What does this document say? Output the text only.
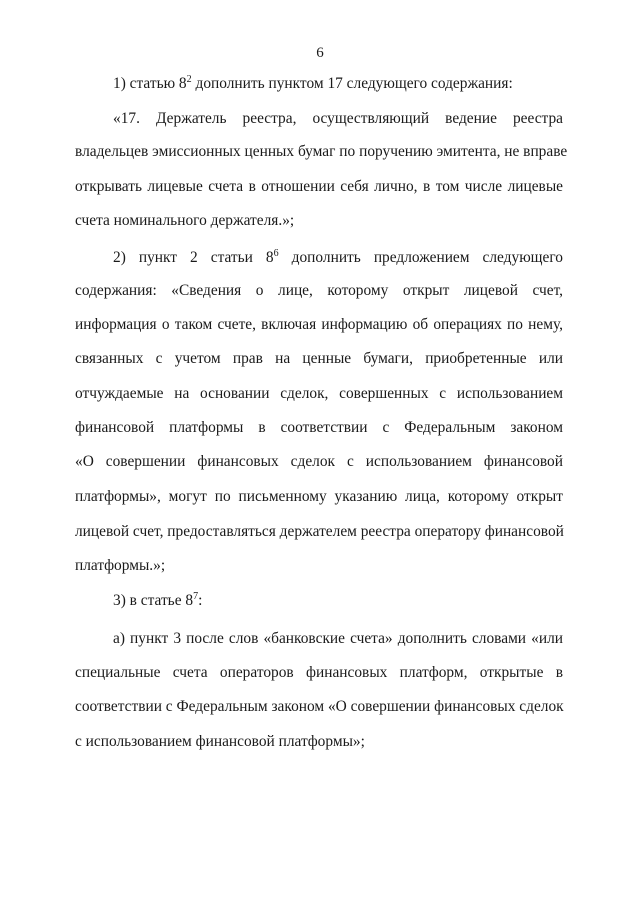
6
1) статью $8^2$ дополнить пунктом 17 следующего содержания:
«17. Держатель реестра, осуществляющий ведение реестра
владельцев эмиссионных ценных бумаг по поручению эмитента, не вправе
открывать лицевые счета в отношении себя лично, в том числе лицевые
счета номинального держателя.»;
2) пункт 2 статьи $8^6$ дополнить предложением следующего
содержания: «Сведения о лице, которому открыт лицевой счет,
информация о таком счете, включая информацию об операциях по нему,
связанных с учетом прав на ценные бумаги, приобретенные или
отчуждаемые на основании сделок, совершенных с использованием
финансовой платформы в соответствии с Федеральным законом
«О совершении финансовых сделок с использованием финансовой
платформы», могут по письменному указанию лица, которому открыт
лицевой счет, предоставляться держателем реестра оператору финансовой
платформы.»;
3) в статье $8^7$:
а) пункт 3 после слов «банковские счета» дополнить словами «или
специальные счета операторов финансовых платформ, открытые в
соответствии с Федеральным законом «О совершении финансовых сделок
с использованием финансовой платформы»;
